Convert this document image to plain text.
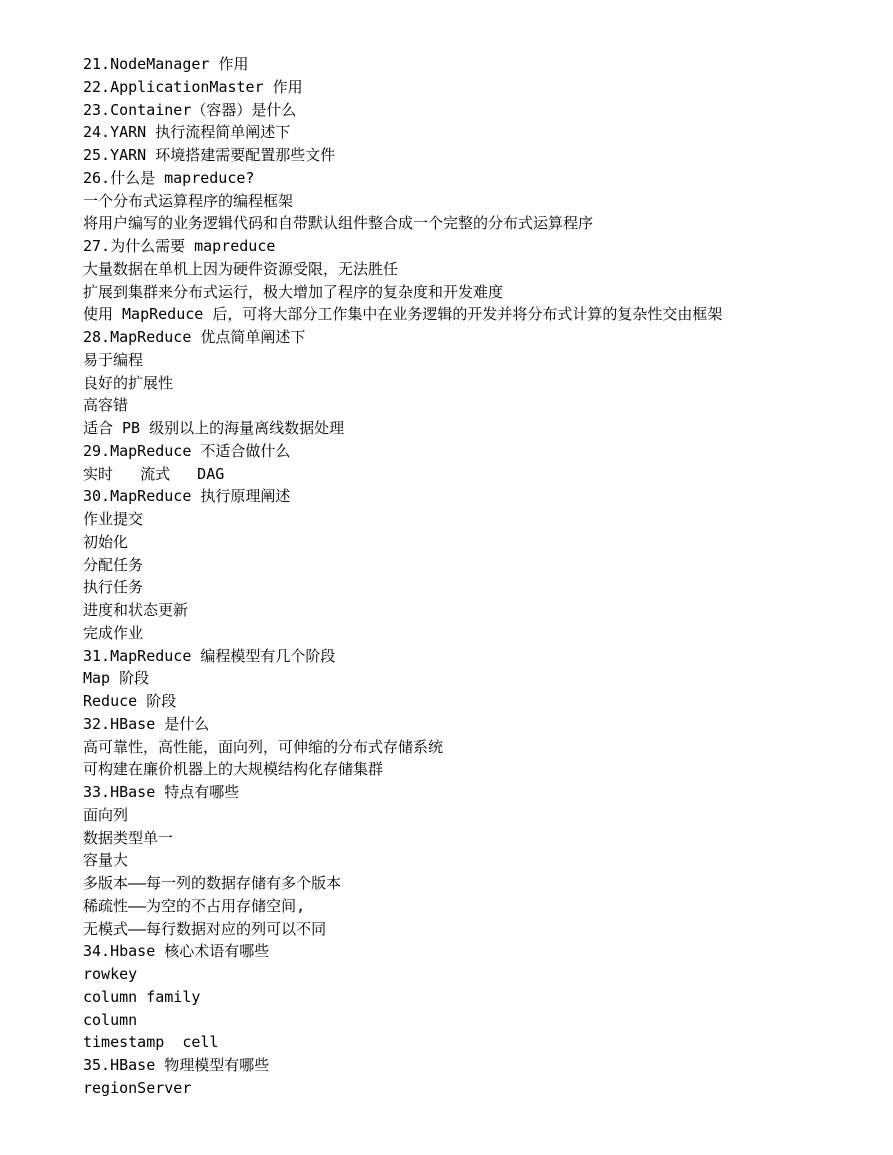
21.NodeManager 作用
22.ApplicationMaster 作用
23.Container（容器）是什么
24.YARN 执行流程简单阐述下
25.YARN 环境搭建需要配置那些文件
26.什么是 mapreduce?
一个分布式运算程序的编程框架
将用户编写的业务逻辑代码和自带默认组件整合成一个完整的分布式运算程序
27.为什么需要 mapreduce
大量数据在单机上因为硬件资源受限，无法胜任
扩展到集群来分布式运行，极大增加了程序的复杂度和开发难度
使用 MapReduce 后，可将大部分工作集中在业务逻辑的开发并将分布式计算的复杂性交由框架
28.MapReduce 优点简单阐述下
易于编程
良好的扩展性
高容错
适合 PB 级别以上的海量离线数据处理
29.MapReduce 不适合做什么
实时   流式   DAG
30.MapReduce 执行原理阐述
作业提交
初始化
分配任务
执行任务
进度和状态更新
完成作业
31.MapReduce 编程模型有几个阶段
Map 阶段
Reduce 阶段
32.HBase 是什么
高可靠性，高性能，面向列，可伸缩的分布式存储系统
可构建在廉价机器上的大规模结构化存储集群
33.HBase 特点有哪些
面向列
数据类型单一
容量大
多版本——每一列的数据存储有多个版本
稀疏性——为空的不占用存储空间,
无模式——每行数据对应的列可以不同
34.Hbase 核心术语有哪些
rowkey
column family
column
timestamp  cell
35.HBase 物理模型有哪些
regionServer
